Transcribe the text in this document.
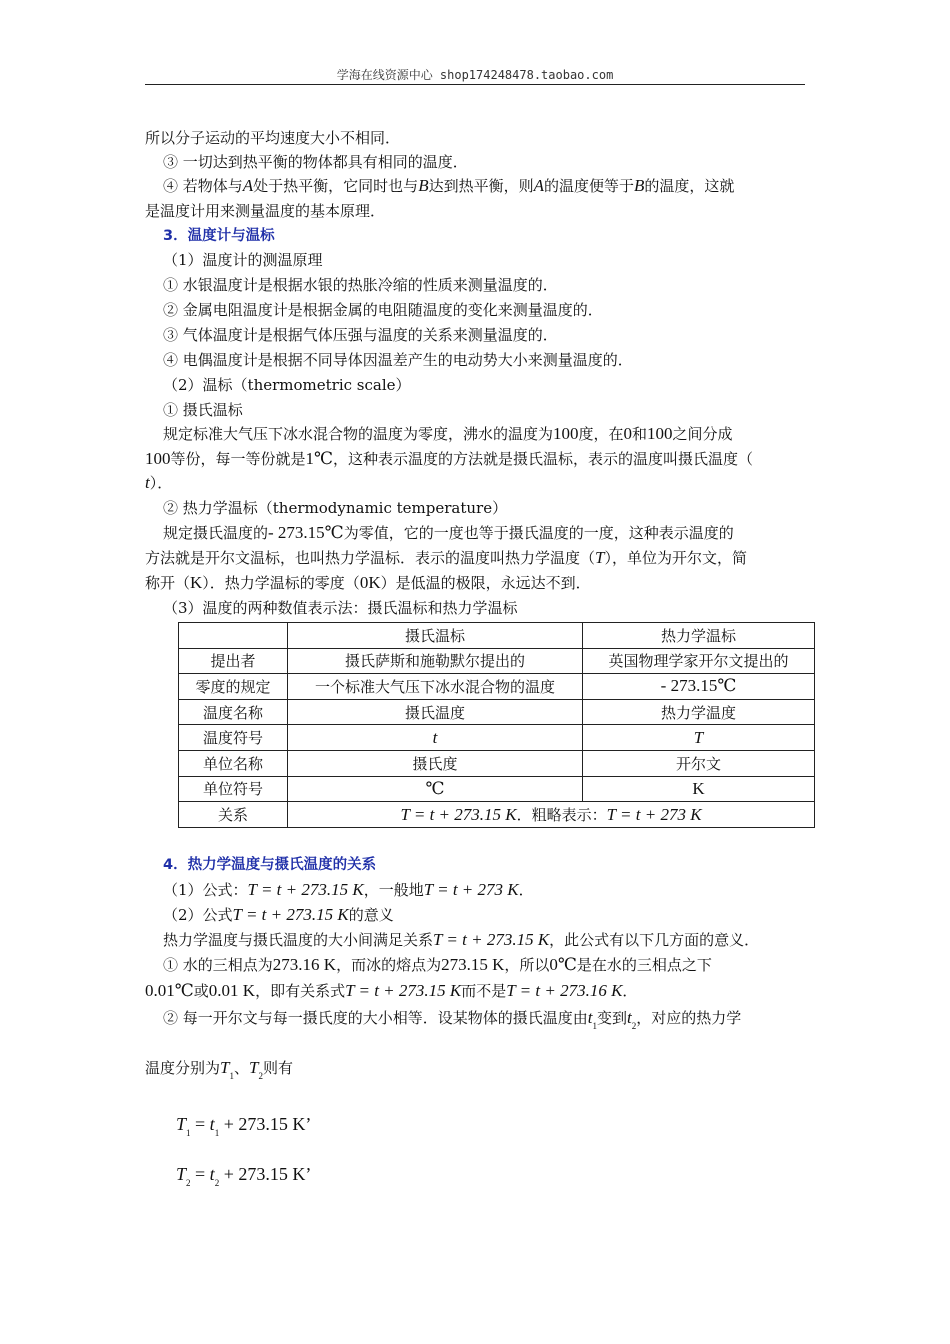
学海在线资源中心 shop174248478.taobao.com
所以分子运动的平均速度大小不相同．
③ 一切达到热平衡的物体都具有相同的温度．
④ 若物体与A处于热平衡，它同时也与B达到热平衡，则A的温度便等于B的温度，这就
是温度计用来测量温度的基本原理．
3．温度计与温标
（1）温度计的测温原理
① 水银温度计是根据水银的热胀冷缩的性质来测量温度的．
② 金属电阻温度计是根据金属的电阻随温度的变化来测量温度的．
③ 气体温度计是根据气体压强与温度的关系来测量温度的．
④ 电偶温度计是根据不同导体因温差产生的电动势大小来测量温度的．
（2）温标（thermometric scale）
① 摄氏温标
规定标准大气压下冰水混合物的温度为零度，沸水的温度为100度，在0和100之间分成
100等份，每一等份就是1℃，这种表示温度的方法就是摄氏温标，表示的温度叫摄氏温度（
t）．
② 热力学温标（thermodynamic temperature）
规定摄氏温度的- 273.15℃为零值，它的一度也等于摄氏温度的一度，这种表示温度的
方法就是开尔文温标，也叫热力学温标．表示的温度叫热力学温度（T），单位为开尔文，简
称开（K）．热力学温标的零度（0K）是低温的极限，永远达不到．
（3）温度的两种数值表示法：摄氏温标和热力学温标
	摄氏温标	热力学温标
提出者	摄氏萨斯和施勒默尔提出的	英国物理学家开尔文提出的
零度的规定	一个标准大气压下冰水混合物的温度	- 273.15℃
温度名称	摄氏温度	热力学温度
温度符号	t	T
单位名称	摄氏度	开尔文
单位符号	℃	K
关系	T = t + 273.15 K．粗略表示：T = t + 273 K	
4．热力学温度与摄氏温度的关系
（1）公式：T = t + 273.15 K，一般地T = t + 273 K．
（2）公式T = t + 273.15 K的意义
热力学温度与摄氏温度的大小间满足关系T = t + 273.15 K，此公式有以下几方面的意义．
① 水的三相点为273.16 K，而冰的熔点为273.15 K，所以0℃是在水的三相点之下
0.01℃或0.01 K，即有关系式T = t + 273.15 K而不是T = t + 273.16 K．
② 每一开尔文与每一摄氏度的大小相等．设某物体的摄氏温度由$t_1$变到$t_2$，对应的热力学
温度分别为$T_1$、$T_2$则有
$T_1 = t_1 + 273.15$ K’
$T_2 = t_2 + 273.15$ K’
